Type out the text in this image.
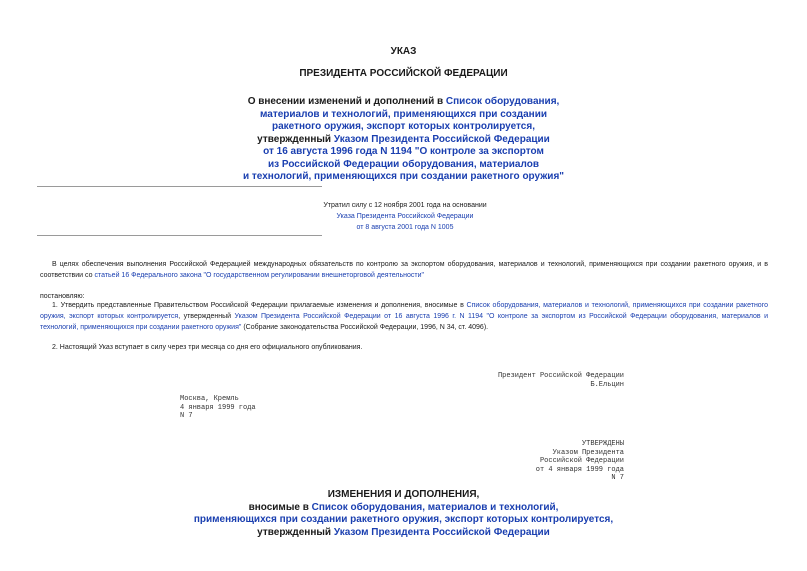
УКАЗ
ПРЕЗИДЕНТА РОССИЙСКОЙ ФЕДЕРАЦИИ
О внесении изменений и дополнений в Список оборудования,
материалов и технологий, применяющихся при создании
ракетного оружия, экспорт которых контролируется,
утвержденный Указом Президента Российской Федерации
от 16 августа 1996 года N 1194 "О контроле за экспортом
из Российской Федерации оборудования, материалов
и технологий, применяющихся при создании ракетного оружия"
Утратил силу с 12 ноября 2001 года на основании
Указа Президента Российской Федерации
от 8 августа 2001 года N 1005
В целях обеспечения выполнения Российской Федерацией международных обязательств по контролю за экспортом оборудования, материалов и технологий, применяющихся при создании ракетного оружия, и в соответствии со статьей 16 Федерального закона "О государственном регулировании внешнеторговой деятельности"
постановляю:
1. Утвердить представленные Правительством Российской Федерации прилагаемые изменения и дополнения, вносимые в Список оборудования, материалов и технологий, применяющихся при создании ракетного оружия, экспорт которых контролируется, утвержденный Указом Президента Российской Федерации от 16 августа 1996 г. N 1194 "О контроле за экспортом из Российской Федерации оборудования, материалов и технологий, применяющихся при создании ракетного оружия" (Собрание законодательства Российской Федерации, 1996, N 34, ст. 4096).
2. Настоящий Указ вступает в силу через три месяца со дня его официального опубликования.
Президент Российской Федерации
Б.Ельцин
Москва, Кремль
4 января 1999 года
N 7
УТВЕРЖДЕНЫ
Указом Президента
Российской Федерации
от 4 января 1999 года
N 7
ИЗМЕНЕНИЯ И ДОПОЛНЕНИЯ,
вносимые в Список оборудования, материалов и технологий,
применяющихся при создании ракетного оружия, экспорт которых контролируется,
утвержденный Указом Президента Российской Федерации
